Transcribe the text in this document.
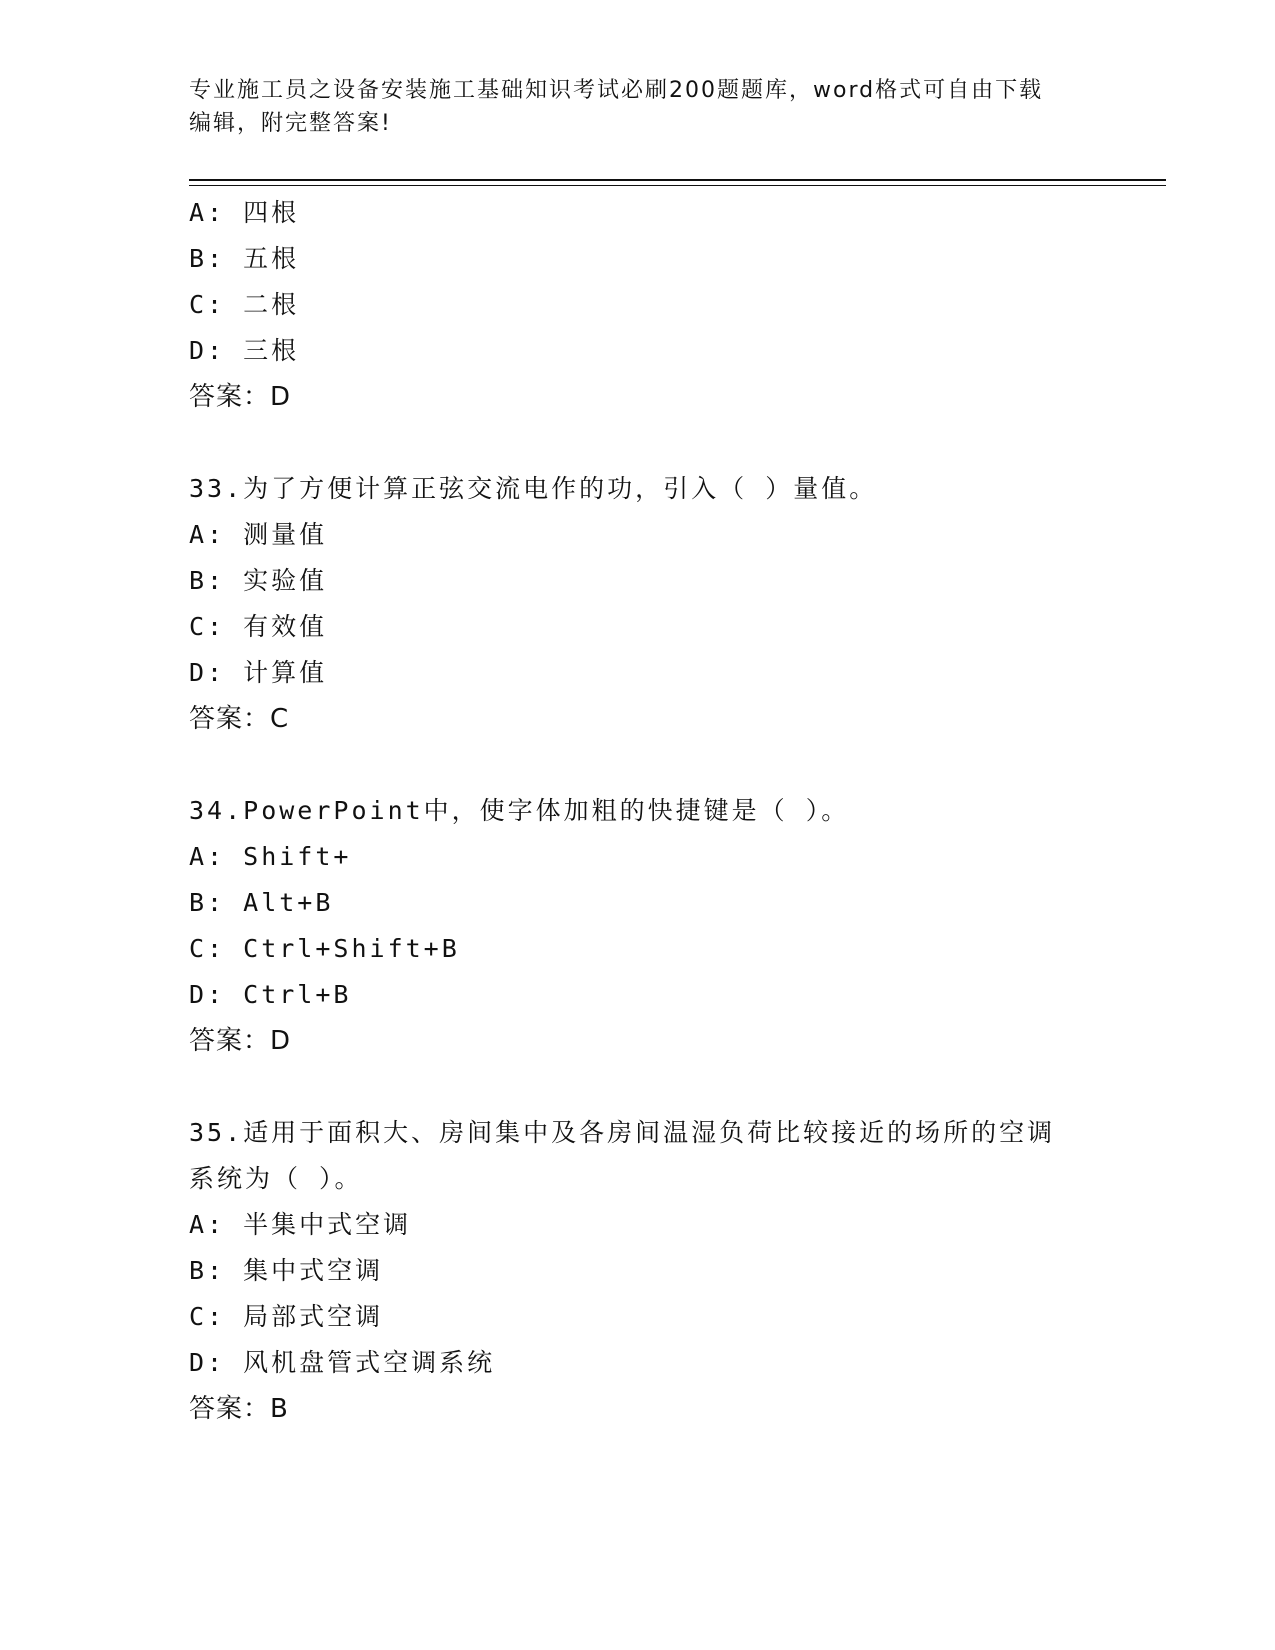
专业施工员之设备安装施工基础知识考试必刷200题题库，word格式可自由下载
编辑，附完整答案!
A: 四根
B: 五根
C: 二根
D: 三根
答案：D
33.为了方便计算正弦交流电作的功，引入（ ）量值。
A: 测量值
B: 实验值
C: 有效值
D: 计算值
答案：C
34.PowerPoint中，使字体加粗的快捷键是（ ）。
A: Shift+
B: Alt+B
C: Ctrl+Shift+B
D: Ctrl+B
答案：D
35.适用于面积大、房间集中及各房间温湿负荷比较接近的场所的空调
系统为（ ）。
A: 半集中式空调
B: 集中式空调
C: 局部式空调
D: 风机盘管式空调系统
答案：B
